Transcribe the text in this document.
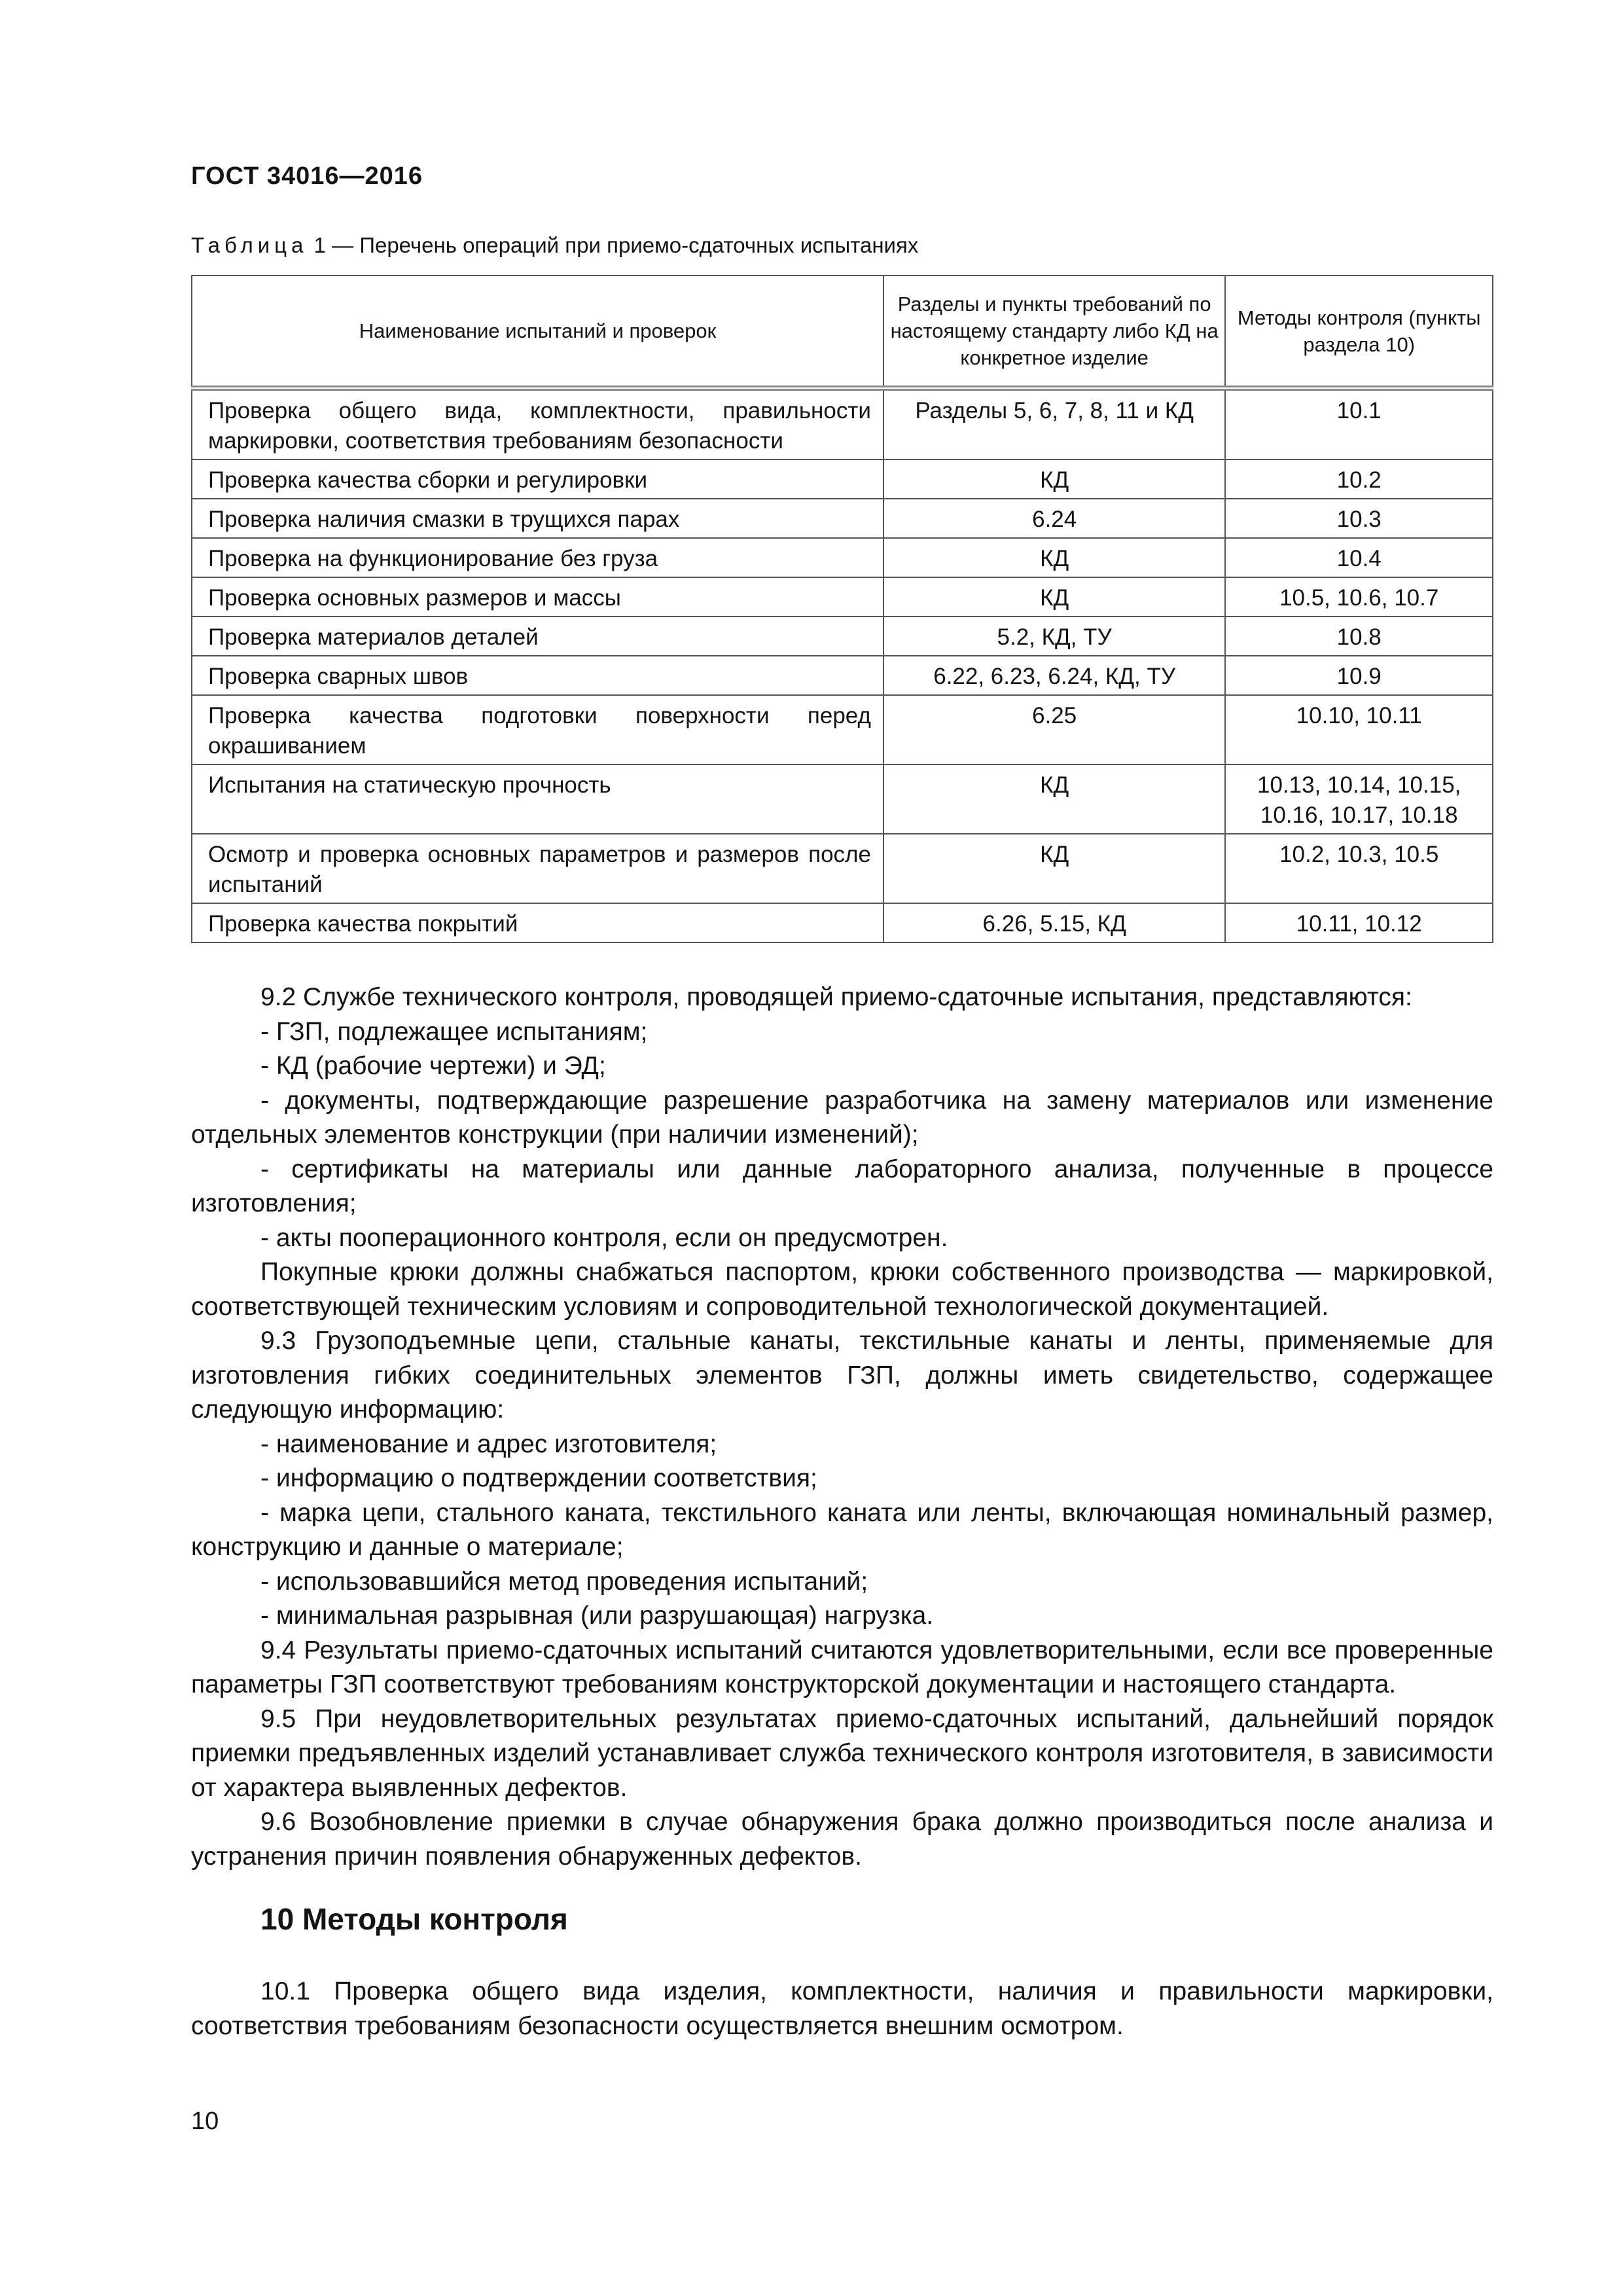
ГОСТ 34016—2016
Таблица 1 — Перечень операций при приемо-сдаточных испытаниях
Наименование испытаний и проверок	Разделы и пункты требований по настоящему стандарту либо КД на конкретное изделие	Методы контроля (пункты раздела 10)
Проверка общего вида, комплектности, правильности маркировки, соответствия требованиям безопасности	Разделы 5, 6, 7, 8, 11 и КД	10.1
Проверка качества сборки и регулировки	КД	10.2
Проверка наличия смазки в трущихся парах	6.24	10.3
Проверка на функционирование без груза	КД	10.4
Проверка основных размеров и массы	КД	10.5, 10.6, 10.7
Проверка материалов деталей	5.2, КД, ТУ	10.8
Проверка сварных швов	6.22, 6.23, 6.24, КД, ТУ	10.9
Проверка качества подготовки поверхности перед окрашиванием	6.25	10.10, 10.11
Испытания на статическую прочность	КД	10.13, 10.14, 10.15, 10.16, 10.17, 10.18
Осмотр и проверка основных параметров и размеров после испытаний	КД	10.2, 10.3, 10.5
Проверка качества покрытий	6.26, 5.15, КД	10.11, 10.12

9.2 Службе технического контроля, проводящей приемо-сдаточные испытания, представляются:

- ГЗП, подлежащее испытаниям;

- КД (рабочие чертежи) и ЭД;

- документы, подтверждающие разрешение разработчика на замену материалов или изменение отдельных элементов конструкции (при наличии изменений);

- сертификаты на материалы или данные лабораторного анализа, полученные в процессе изготовления;

- акты пооперационного контроля, если он предусмотрен.

Покупные крюки должны снабжаться паспортом, крюки собственного производства — маркировкой, соответствующей техническим условиям и сопроводительной технологической документацией.

9.3 Грузоподъемные цепи, стальные канаты, текстильные канаты и ленты, применяемые для изготовления гибких соединительных элементов ГЗП, должны иметь свидетельство, содержащее следующую информацию:

- наименование и адрес изготовителя;

- информацию о подтверждении соответствия;

- марка цепи, стального каната, текстильного каната или ленты, включающая номинальный размер, конструкцию и данные о материале;

- использовавшийся метод проведения испытаний;

- минимальная разрывная (или разрушающая) нагрузка.

9.4 Результаты приемо-сдаточных испытаний считаются удовлетворительными, если все проверенные параметры ГЗП соответствуют требованиям конструкторской документации и настоящего стандарта.

9.5 При неудовлетворительных результатах приемо-сдаточных испытаний, дальнейший порядок приемки предъявленных изделий устанавливает служба технического контроля изготовителя, в зависимости от характера выявленных дефектов.

9.6 Возобновление приемки в случае обнаружения брака должно производиться после анализа и устранения причин появления обнаруженных дефектов.

10 Методы контроля

10.1 Проверка общего вида изделия, комплектности, наличия и правильности маркировки, соответствия требованиям безопасности осуществляется внешним осмотром.

10
